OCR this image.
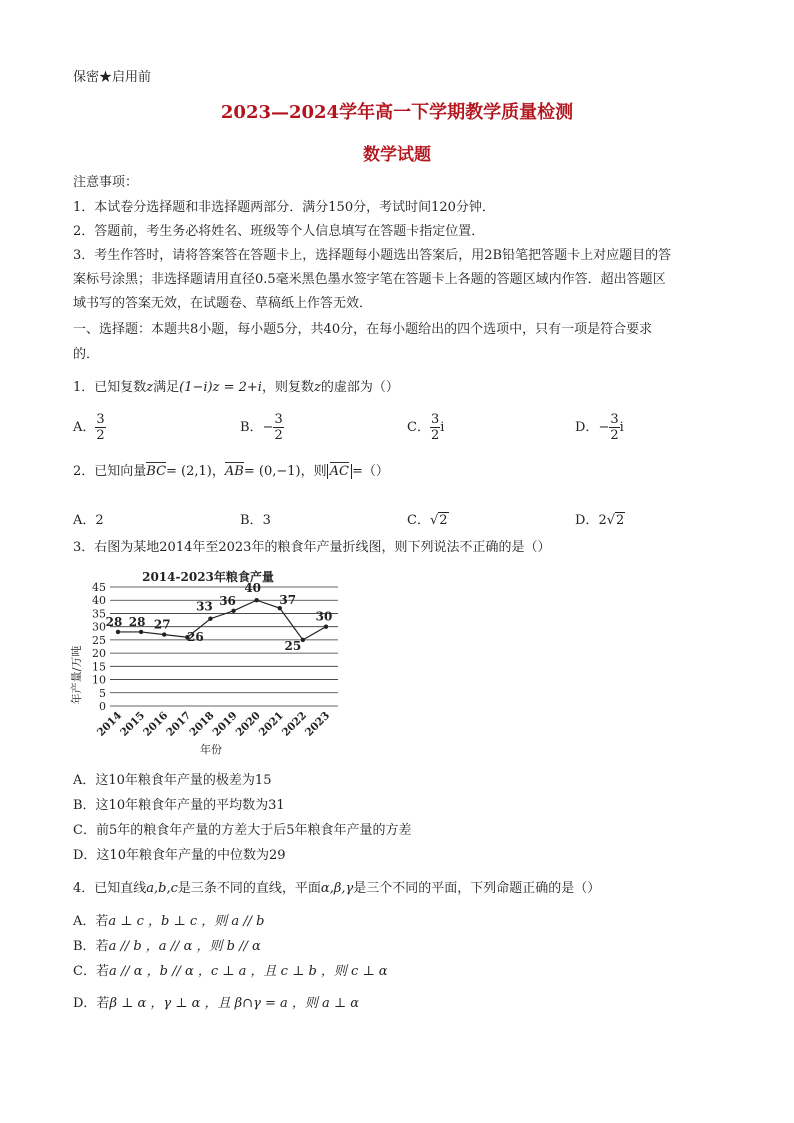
保密★启用前
2023—2024学年高一下学期教学质量检测
数学试题
注意事项：
1．本试卷分选择题和非选择题两部分．满分150分，考试时间120分钟．
2．答题前，考生务必将姓名、班级等个人信息填写在答题卡指定位置．
3．考生作答时，请将答案答在答题卡上，选择题每小题选出答案后，用2B铅笔把答题卡上对应题目的答
案标号涂黑；非选择题请用直径0.5毫米黑色墨水签字笔在答题卡上各题的答题区域内作答．超出答题区
域书写的答案无效，在试题卷、草稿纸上作答无效．
一、选择题：本题共8小题，每小题5分，共40分，在每小题给出的四个选项中，只有一项是符合要求
的．
1．已知复数z满足(1−i)z = 2+i，则复数z的虚部为（）
A． $\frac{3}{2}$	B．− $\frac{3}{2}$	C． $\frac{3}{2}$ i	D．− $\frac{3}{2}$ i
2．已知向量BC= (2,1)，AB= (0,−1)，则 AC =（）
A．2	B．3	C．√2	D．2√2
3．右图为某地2014年至2023年的粮食年产量折线图，则下列说法不正确的是（）
2014-2023年粮食产量
年产量/万吨
年份
0
5
10
15
20
25
30
35
40
45
2014
2015
2016
2017
2018
2019
2020
2021
2022
2023
28 28 27
26
33 36
40
37
25
30
A．这10年粮食年产量的极差为15
B．这10年粮食年产量的平均数为31
C．前5年的粮食年产量的方差大于后5年粮食年产量的方差
D．这10年粮食年产量的中位数为29
4．已知直线a,b,c是三条不同的直线，平面α,β,γ是三个不同的平面，下列命题正确的是（）
A．若a ⊥ c ，b ⊥ c ，则 a // b
B．若a // b ，a // α ，则 b // α
C．若a // α ，b // α ，c ⊥ a ，且 c ⊥ b ，则 c ⊥ α
D．若β ⊥ α ，γ ⊥ α ，且 β∩γ = a ，则 a ⊥ α
